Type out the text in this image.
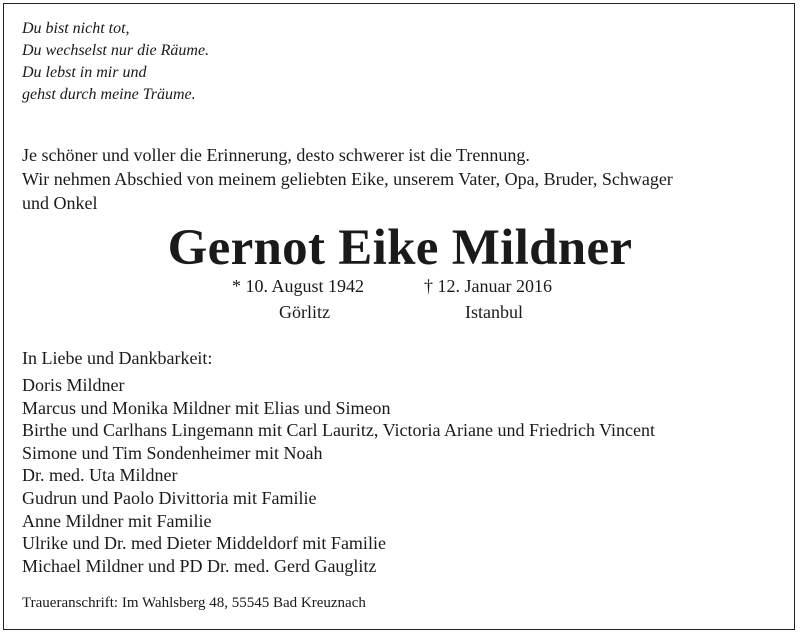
Du bist nicht tot,
Du wechselst nur die Räume.
Du lebst in mir und
gehst durch meine Träume.
Je schöner und voller die Erinnerung, desto schwerer ist die Trennung.
Wir nehmen Abschied von meinem geliebten Eike, unserem Vater, Opa, Bruder, Schwager
und Onkel
Gernot Eike Mildner
* 10. August 1942	† 12. Januar 2016
Görlitz	Istanbul
In Liebe und Dankbarkeit:
Doris Mildner
Marcus und Monika Mildner mit Elias und Simeon
Birthe und Carlhans Lingemann mit Carl Lauritz, Victoria Ariane und Friedrich Vincent
Simone und Tim Sondenheimer mit Noah
Dr. med. Uta Mildner
Gudrun und Paolo Divittoria mit Familie
Anne Mildner mit Familie
Ulrike und Dr. med Dieter Middeldorf mit Familie
Michael Mildner und PD Dr. med. Gerd Gauglitz
Traueranschrift: Im Wahlsberg 48, 55545 Bad Kreuznach
